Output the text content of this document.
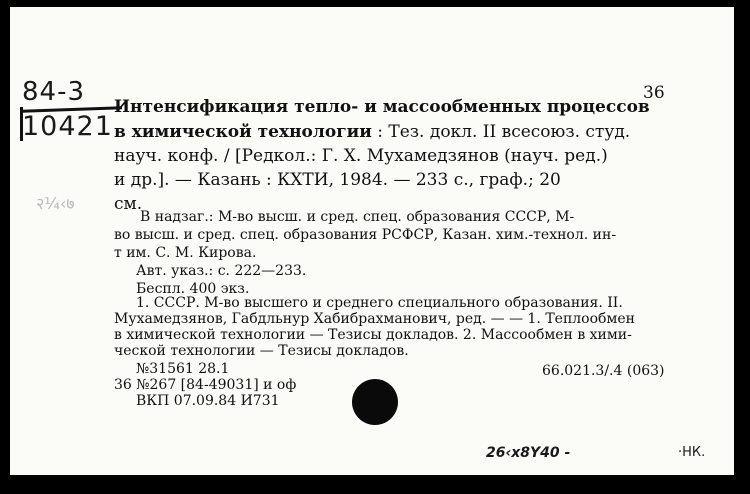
84-3
10421
२¼‹७
36
Интенсификация тепло- и массообменных процессов
в химической технологии : Тез. докл. II всесоюз. студ.
науч. конф. / [Редкол.: Г. Х. Мухамедзянов (науч. ред.)
и др.]. — Казань : КХТИ, 1984. — 233 с., граф.; 20
см.
В надзаг.: М-во высш. и сред. спец. образования СССР, М-
во высш. и сред. спец. образования РСФСР, Казан. хим.-технол. ин-
т им. С. М. Кирова.
Авт. указ.: с. 222—233.
Беспл. 400 экз.
1. СССР. М-во высшего и среднего специального образования. II.
Мухамедзянов, Габдльнур Хабибрахманович, ред. — — 1. Теплообмен
в химической технологии — Тезисы докладов. 2. Массообмен в хими-
ческой технологии — Тезисы докладов.
№31561 28.1	66.021.3/.4 (063)
36 №267 [84-49031] и оф
ВКП 07.09.84 И731
26‹x8Y40 ‐	·НК.
